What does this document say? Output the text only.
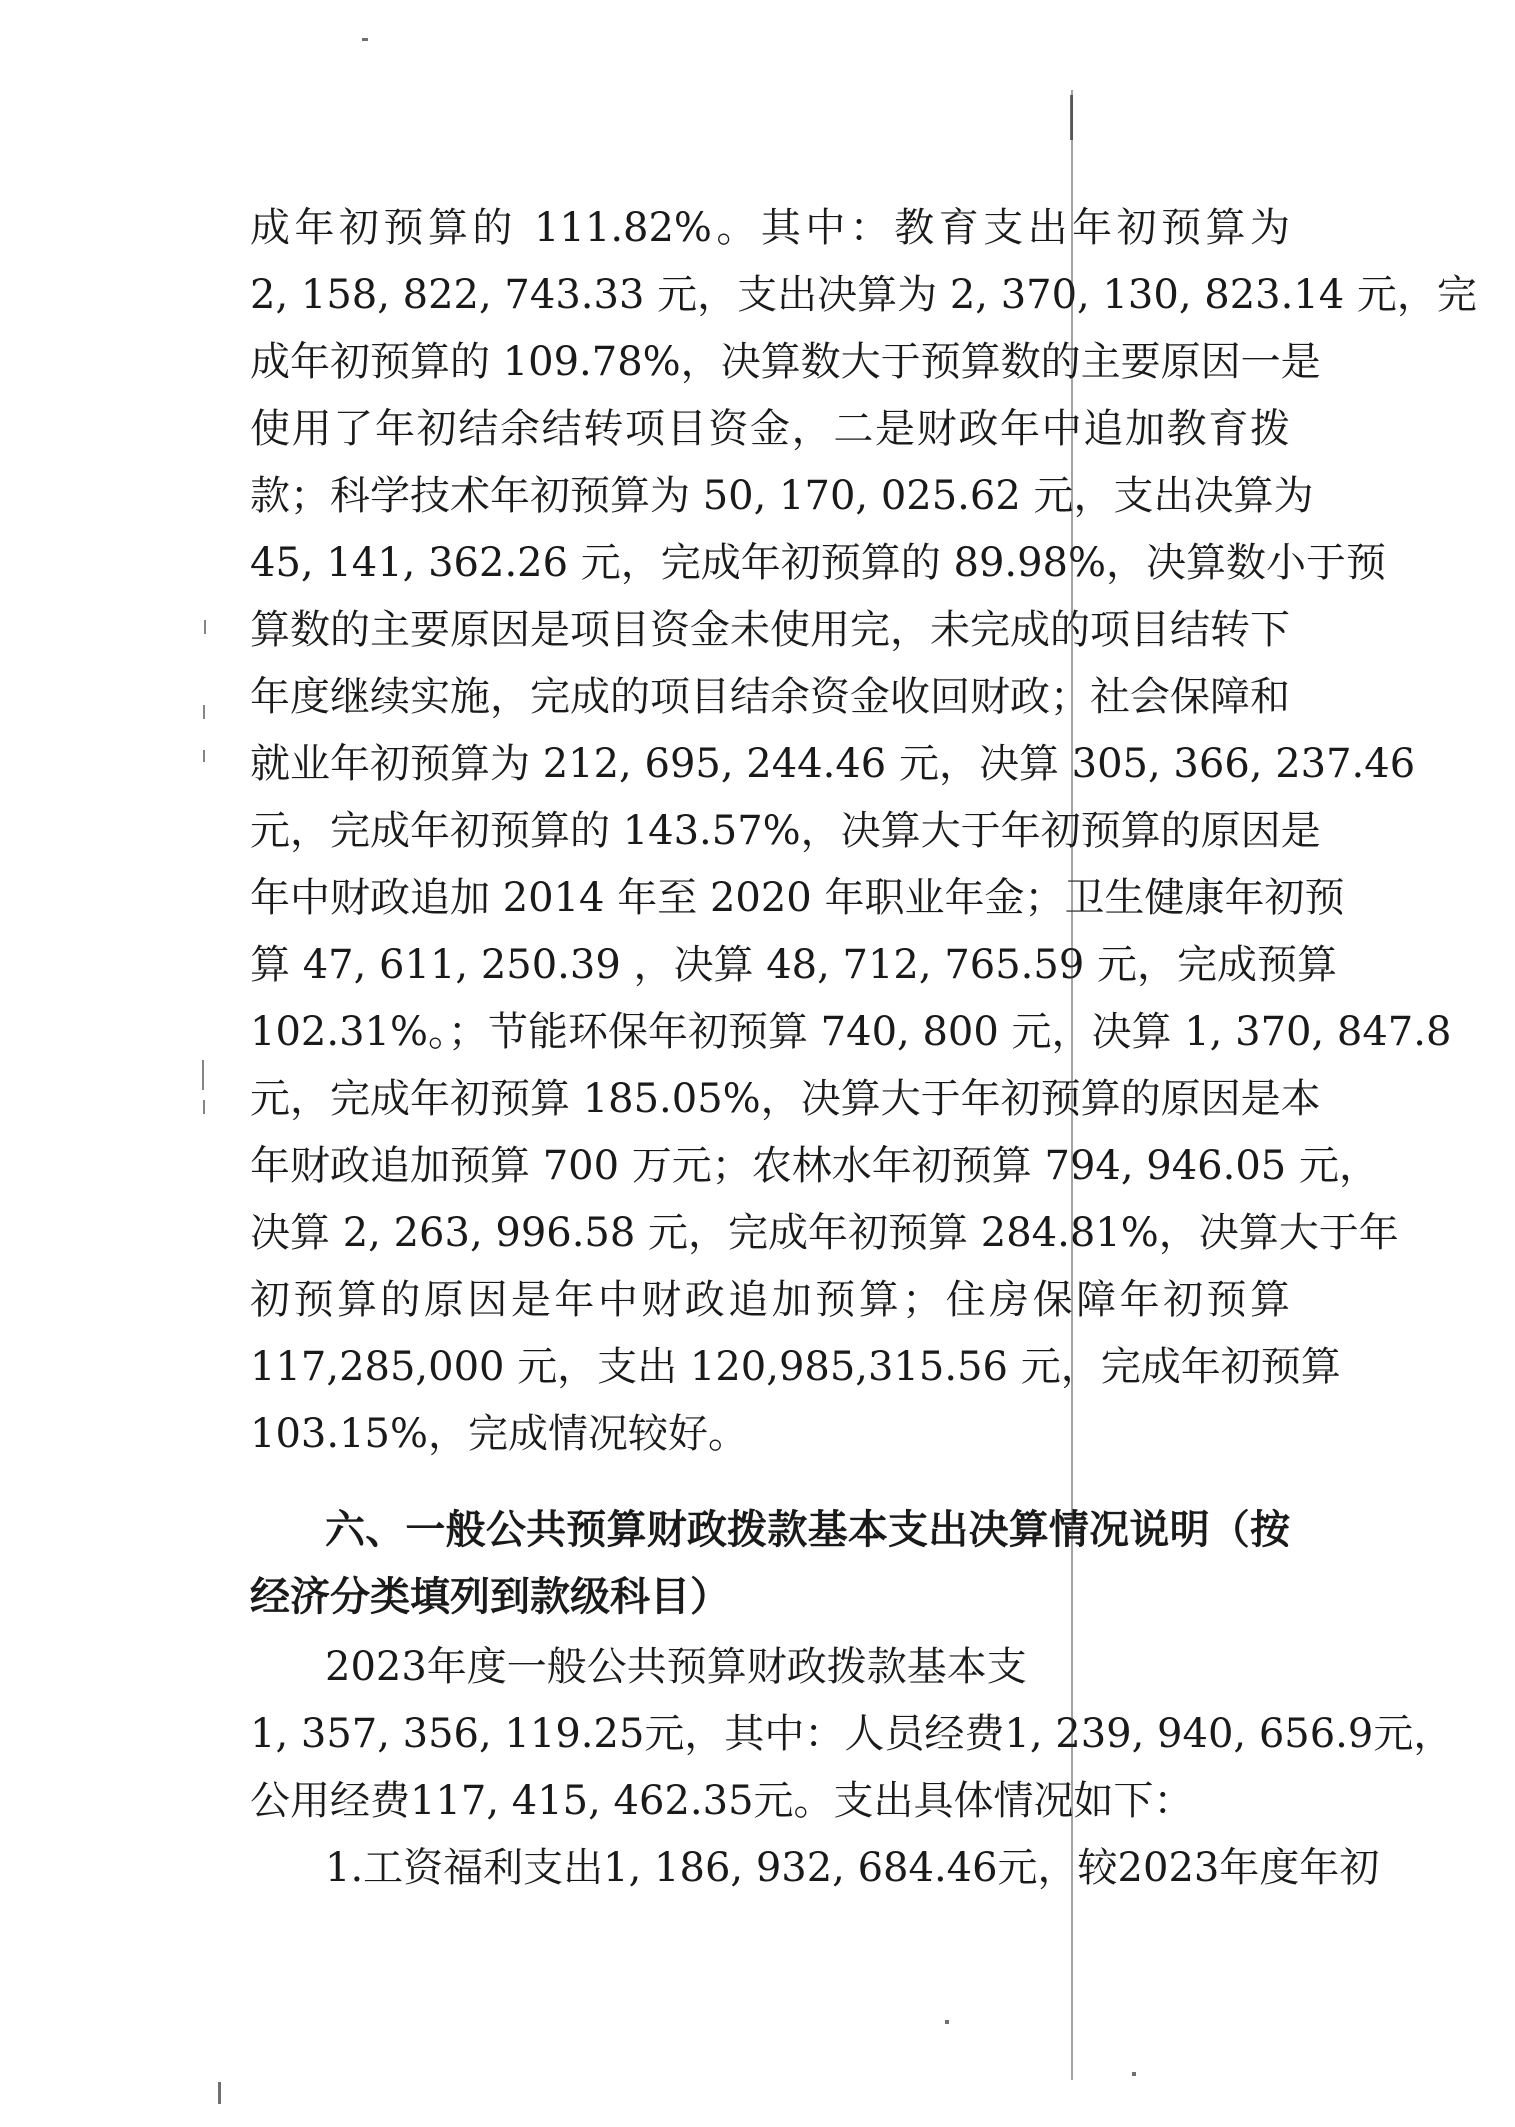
成年初预算的 111.82%。其中：教育支出年初预算为
2, 158, 822, 743.33 元，支出决算为 2, 370, 130, 823.14 元，完
成年初预算的 109.78%，决算数大于预算数的主要原因一是
使用了年初结余结转项目资金，二是财政年中追加教育拨
款；科学技术年初预算为 50, 170, 025.62 元，支出决算为
45, 141, 362.26 元，完成年初预算的 89.98%，决算数小于预
算数的主要原因是项目资金未使用完，未完成的项目结转下
年度继续实施，完成的项目结余资金收回财政；社会保障和
就业年初预算为 212, 695, 244.46 元，决算 305, 366, 237.46
元，完成年初预算的 143.57%，决算大于年初预算的原因是
年中财政追加 2014 年至 2020 年职业年金；卫生健康年初预
算 47, 611, 250.39 ，决算 48, 712, 765.59 元，完成预算
102.31%。；节能环保年初预算 740, 800 元，决算 1, 370, 847.8
元，完成年初预算 185.05%，决算大于年初预算的原因是本
年财政追加预算 700 万元；农林水年初预算 794, 946.05 元，
决算 2, 263, 996.58 元，完成年初预算 284.81%，决算大于年
初预算的原因是年中财政追加预算；住房保障年初预算
117,285,000 元，支出 120,985,315.56 元，完成年初预算
103.15%，完成情况较好。
六、一般公共预算财政拨款基本支出决算情况说明（按
经济分类填列到款级科目）
2023年度一般公共预算财政拨款基本支
1, 357, 356, 119.25元，其中：人员经费1, 239, 940, 656.9元，
公用经费117, 415, 462.35元。支出具体情况如下：
1.工资福利支出1, 186, 932, 684.46元，较2023年度年初
